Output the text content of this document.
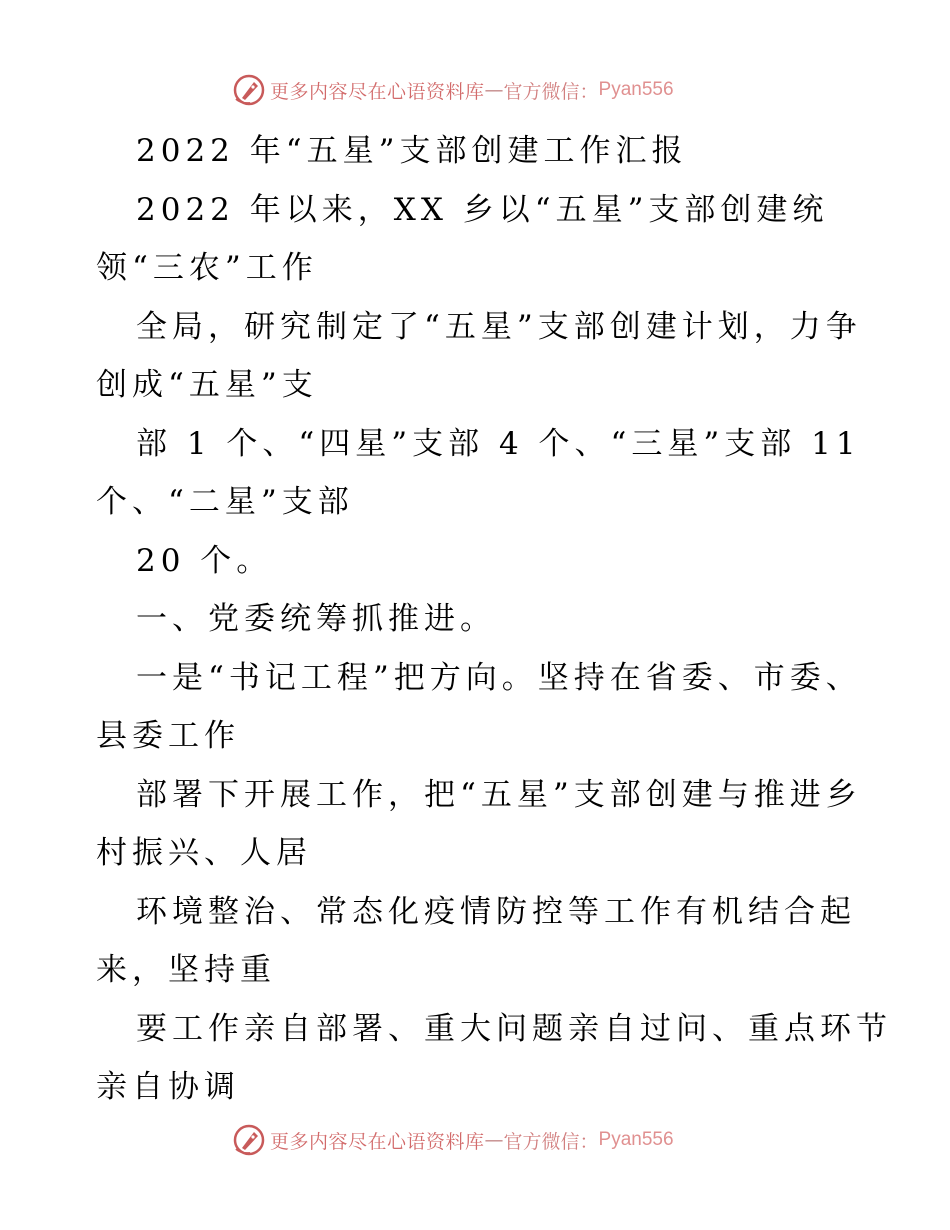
更多内容尽在心语资料库 — 官方微信： Pyan556
2022 年“五星”支部创建工作汇报
2022 年以来，XX 乡以“五星”支部创建统
领“三农”工作
全局，研究制定了“五星”支部创建计划，力争
创成“五星”支
部 1 个、“四星”支部 4 个、“三星”支部 11
个、“二星”支部
20 个。
一、党委统筹抓推进。
一是“书记工程”把方向。坚持在省委、市委、
县委工作
部署下开展工作，把“五星”支部创建与推进乡
村振兴、人居
环境整治、常态化疫情防控等工作有机结合起
来，坚持重
要工作亲自部署、重大问题亲自过问、重点环节
亲自协调
更多内容尽在心语资料库 — 官方微信： Pyan556
